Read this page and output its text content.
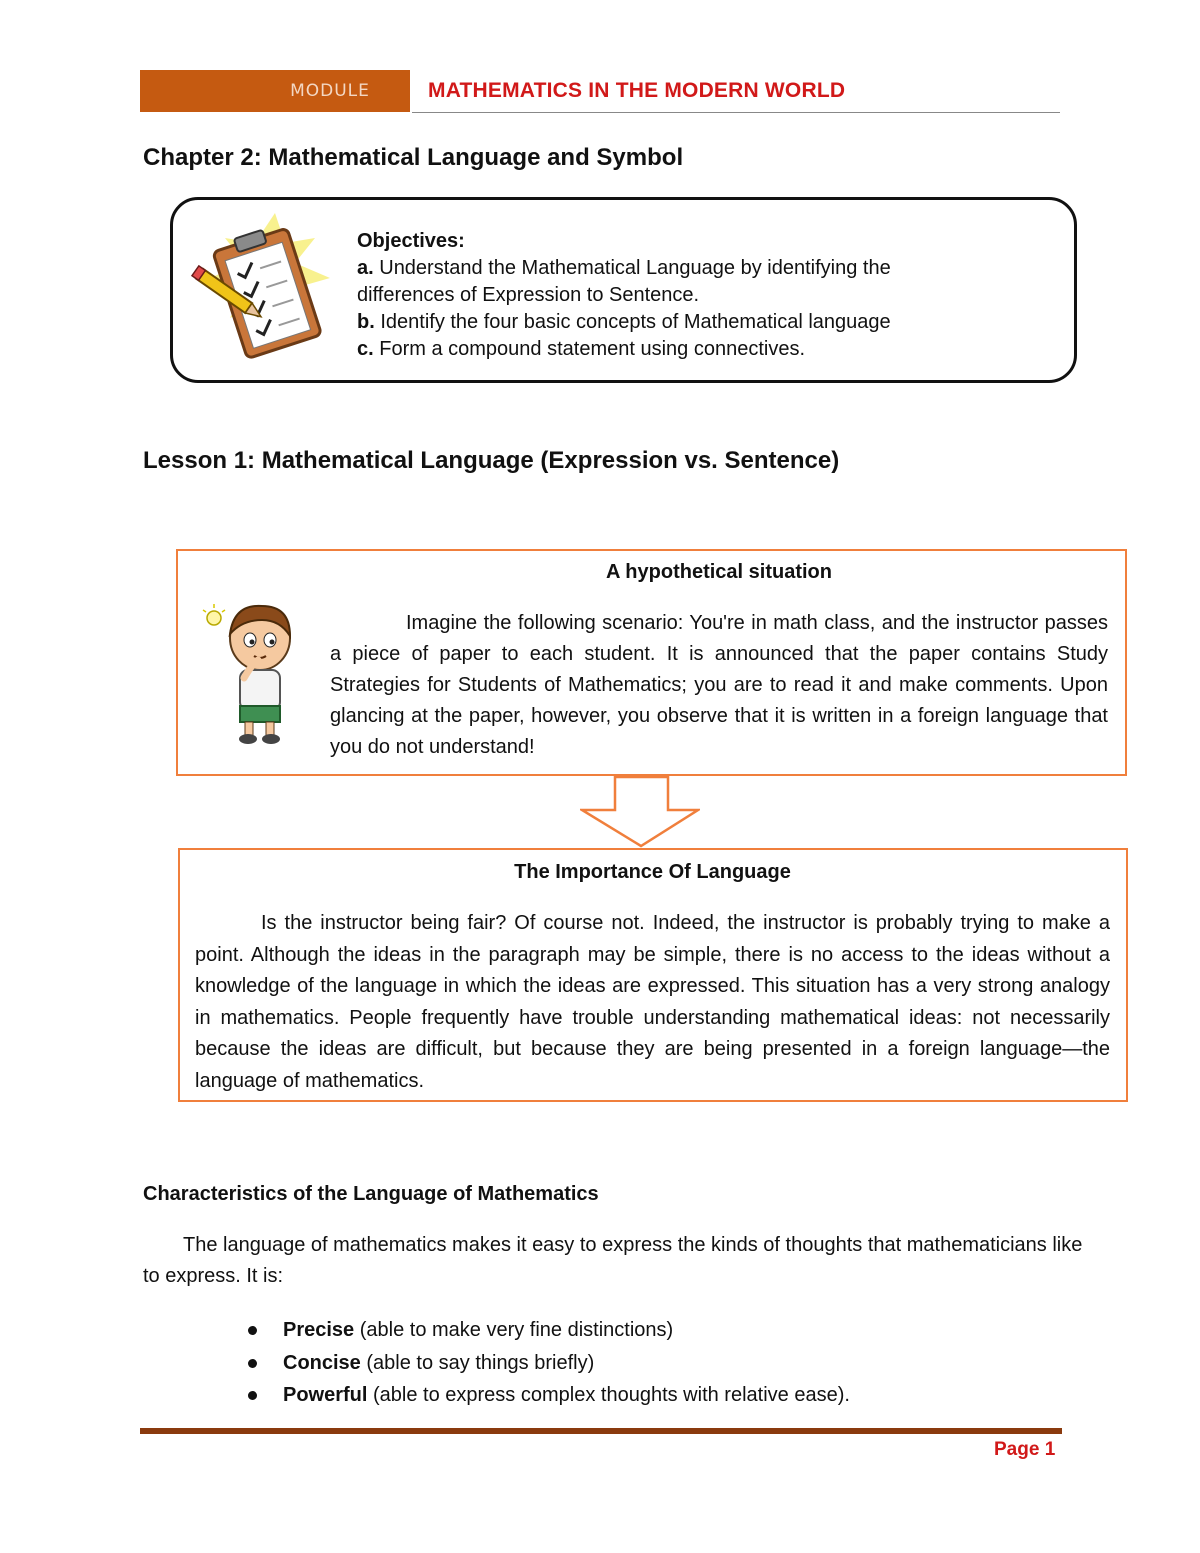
MODULE	MATHEMATICS IN THE MODERN WORLD
Chapter 2: Mathematical Language and Symbol
Objectives:
a. Understand the Mathematical Language by identifying the
differences of Expression to Sentence.
b. Identify the four basic concepts of Mathematical language
c. Form a compound statement using connectives.
Lesson 1: Mathematical Language (Expression vs. Sentence)
A hypothetical situation
Imagine the following scenario: You're in math class, and the instructor passes a piece of paper to each student. It is announced that the paper contains Study Strategies for Students of Mathematics; you are to read it and make comments. Upon glancing at the paper, however, you observe that it is written in a foreign language that you do not understand!
The Importance Of Language
Is the instructor being fair? Of course not. Indeed, the instructor is probably trying to make a point. Although the ideas in the paragraph may be simple, there is no access to the ideas without a knowledge of the language in which the ideas are expressed. This situation has a very strong analogy in mathematics. People frequently have trouble understanding mathematical ideas: not necessarily because the ideas are difficult, but because they are being presented in a foreign language—the language of mathematics.
Characteristics of the Language of Mathematics
The language of mathematics makes it easy to express the kinds of thoughts that mathematicians like to express. It is:
Precise (able to make very fine distinctions)
Concise (able to say things briefly)
Powerful (able to express complex thoughts with relative ease).
Page 1
